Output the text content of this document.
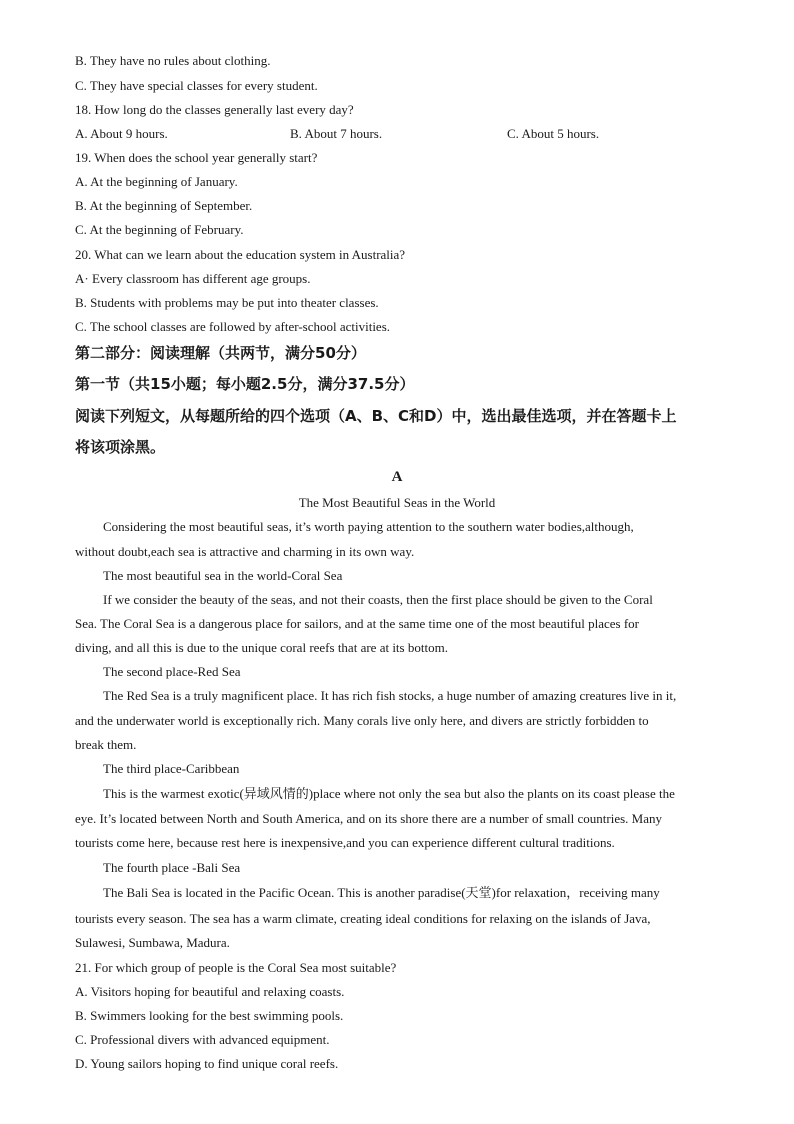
B. They have no rules about clothing.
C. They have special classes for every student.
18. How long do the classes generally last every day?
A. About 9 hours.	B. About 7 hours.	C. About 5 hours.
19. When does the school year generally start?
A. At the beginning of January.
B. At the beginning of September.
C. At the beginning of February.
20. What can we learn about the education system in Australia?
A· Every classroom has different age groups.
B. Students with problems may be put into theater classes.
C. The school classes are followed by after-school activities.
第二部分：阅读理解（共两节，满分50分）
第一节（共15小题；每小题2.5分，满分37.5分）
阅读下列短文，从每题所给的四个选项（A、B、C和D）中，选出最佳选项，并在答题卡上
将该项涂黑。
A
The Most Beautiful Seas in the World
Considering the most beautiful seas, it’s worth paying attention to the southern water bodies,although,
without doubt,each sea is attractive and charming in its own way.
The most beautiful sea in the world-Coral Sea
If we consider the beauty of the seas, and not their coasts, then the first place should be given to the Coral
Sea. The Coral Sea is a dangerous place for sailors, and at the same time one of the most beautiful places for
diving, and all this is due to the unique coral reefs that are at its bottom.
The second place-Red Sea
The Red Sea is a truly magnificent place. It has rich fish stocks, a huge number of amazing creatures live in it,
and the underwater world is exceptionally rich. Many corals live only here, and divers are strictly forbidden to
break them.
The third place-Caribbean
This is the warmest exotic(异域风情的)place where not only the sea but also the plants on its coast please the
eye. It’s located between North and South America, and on its shore there are a number of small countries. Many
tourists come here, because rest here is inexpensive,and you can experience different cultural traditions.
The fourth place -Bali Sea
The Bali Sea is located in the Pacific Ocean. This is another paradise(天堂)for relaxation，receiving many
tourists every season. The sea has a warm climate, creating ideal conditions for relaxing on the islands of Java,
Sulawesi, Sumbawa, Madura.
21. For which group of people is the Coral Sea most suitable?
A. Visitors hoping for beautiful and relaxing coasts.
B. Swimmers looking for the best swimming pools.
C. Professional divers with advanced equipment.
D. Young sailors hoping to find unique coral reefs.
